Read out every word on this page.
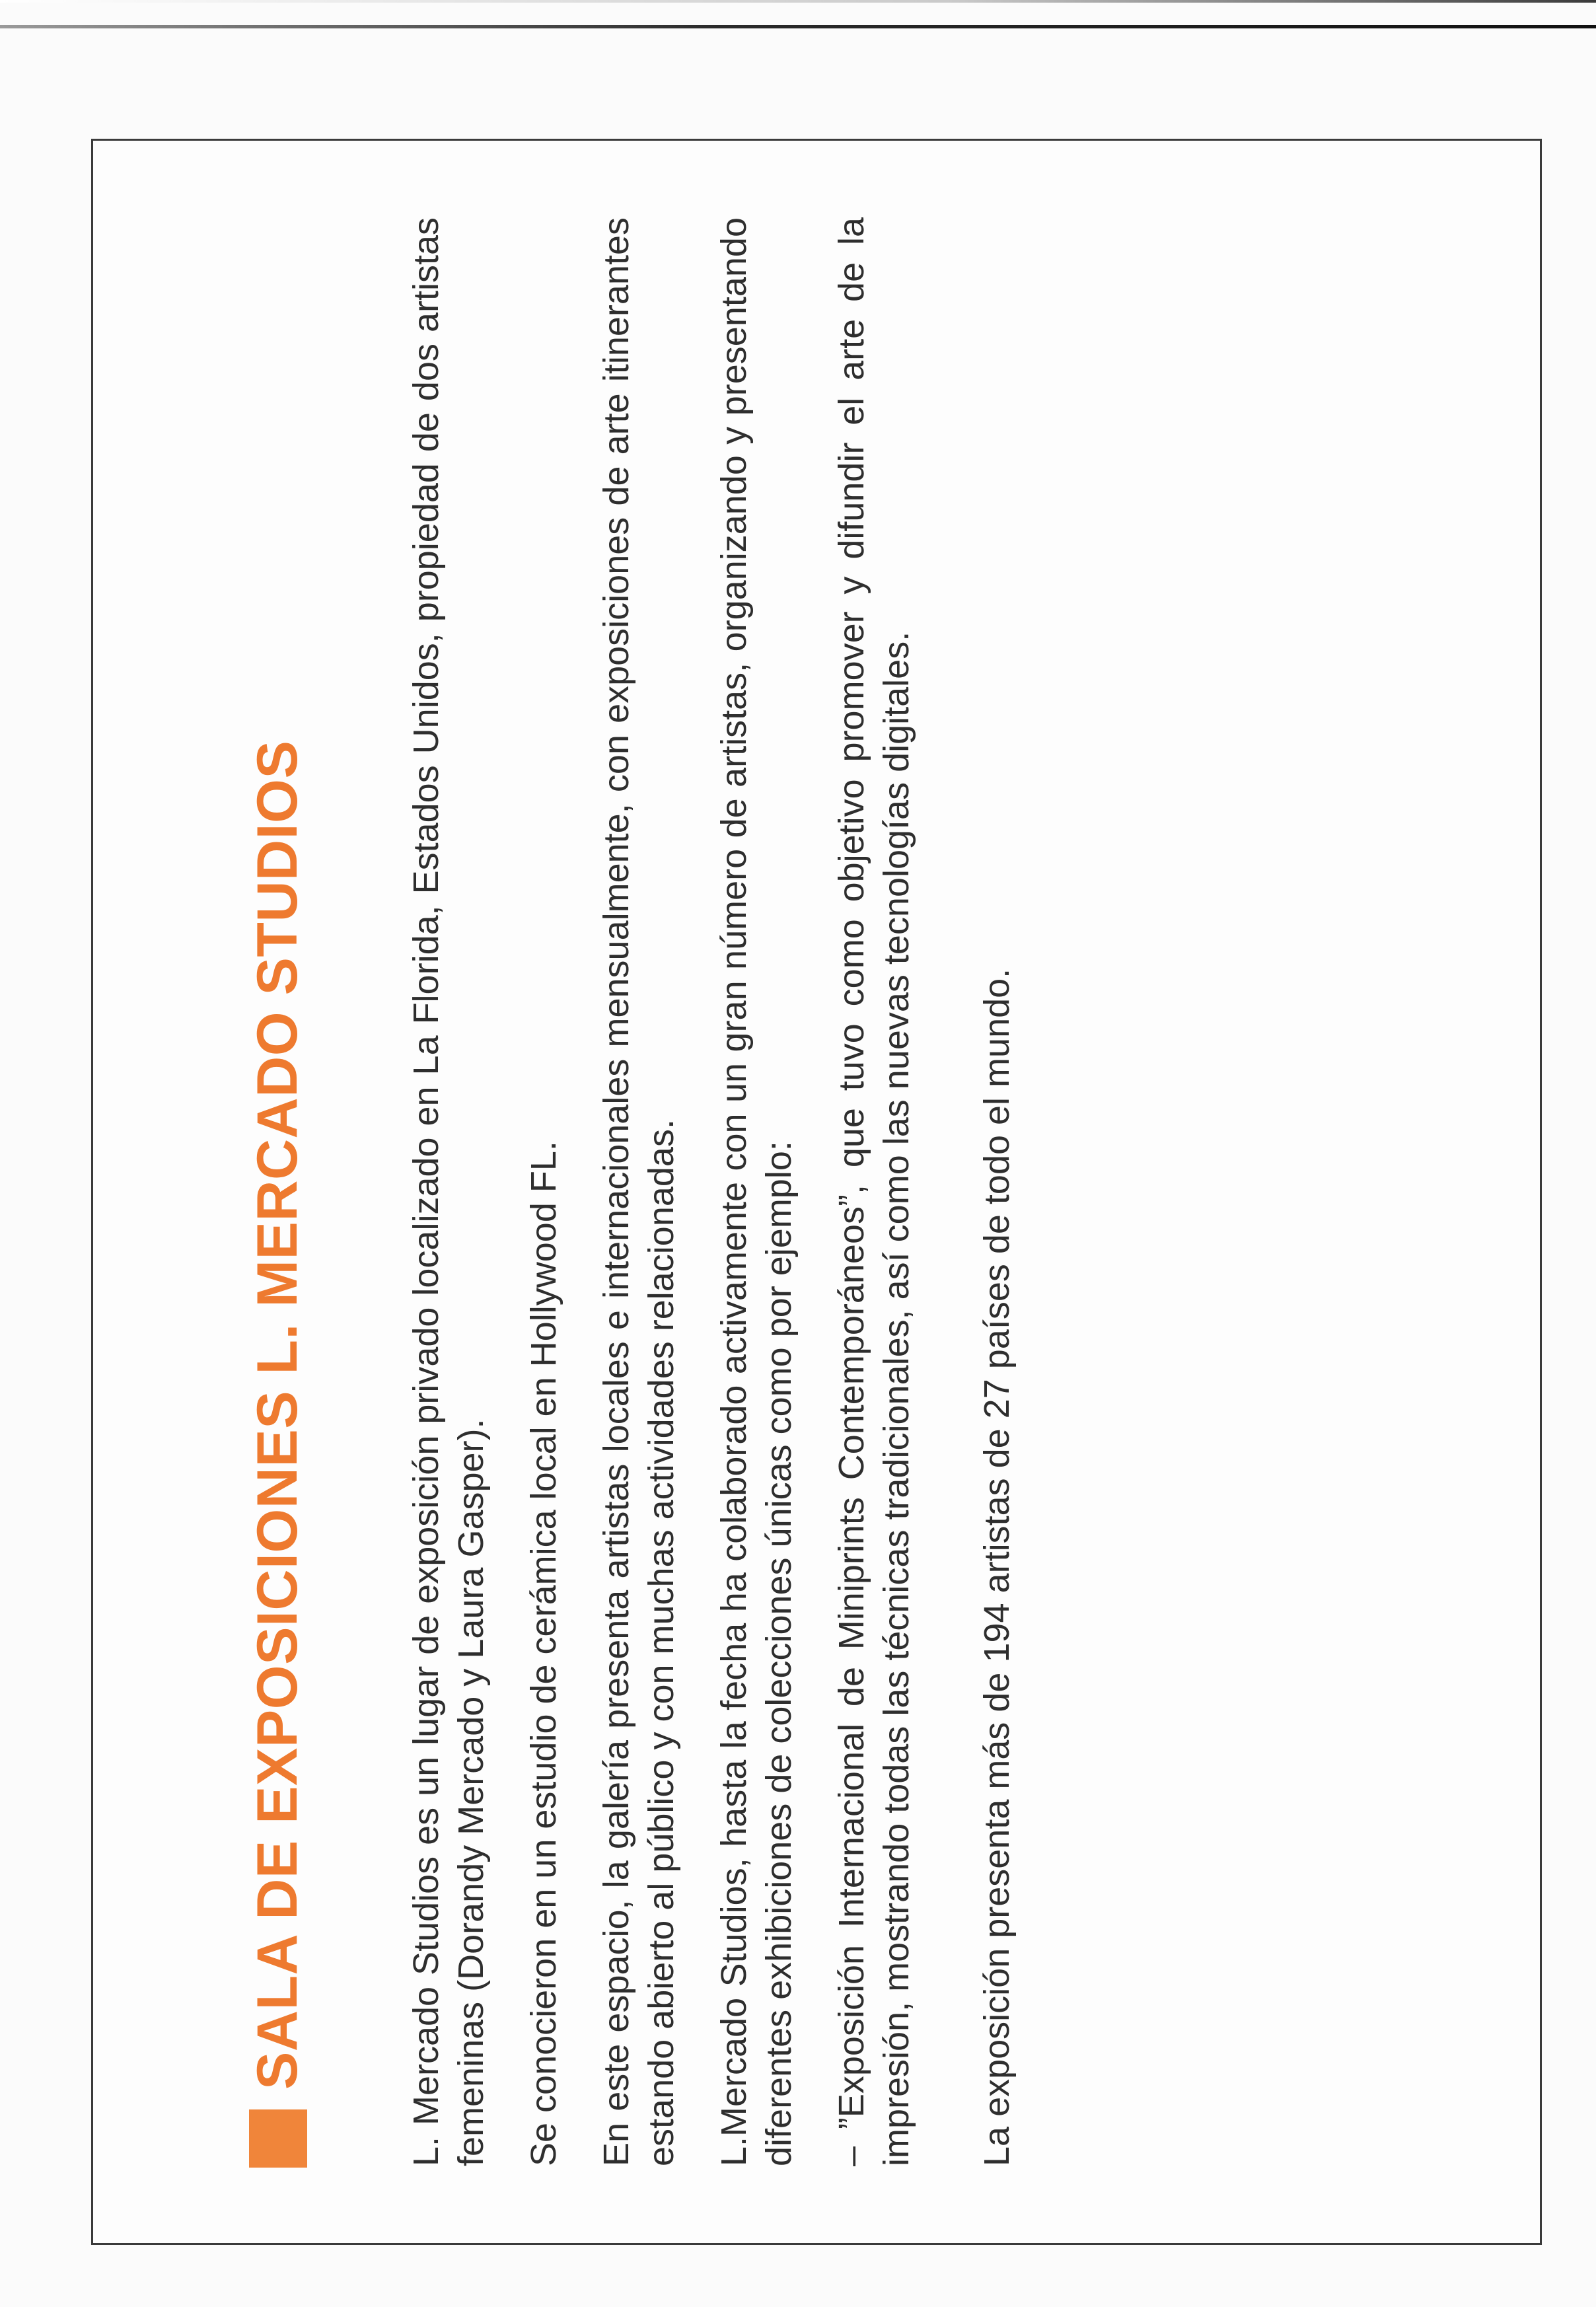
SALA DE EXPOSICIONES L. MERCADO STUDIOS	L. Mercado Studios es un lugar de exposición privado localizado en La Florida, Estados Unidos, propiedad de dos artistas femeninas (Dorandy Mercado y Laura Gasper). Se conocieron en un estudio de cerámica local en Hollywood FL. En este espacio, la galería presenta artistas locales e internacionales mensualmente, con exposiciones de arte itinerantes estando abierto al público y con muchas actividades relacionadas. L.Mercado Studios, hasta la fecha ha colaborado activamente con un gran número de artistas, organizando y presentando diferentes exhibiciones de colecciones únicas como por ejemplo: – ”Exposición Internacional de Miniprints Contemporáneos”, que tuvo como objetivo promover y difundir el arte de la impresión, mostrando todas las técnicas tradicionales, así como las nuevas tecnologías digitales. La exposición presenta más de 194 artistas de 27 países de todo el mundo.
